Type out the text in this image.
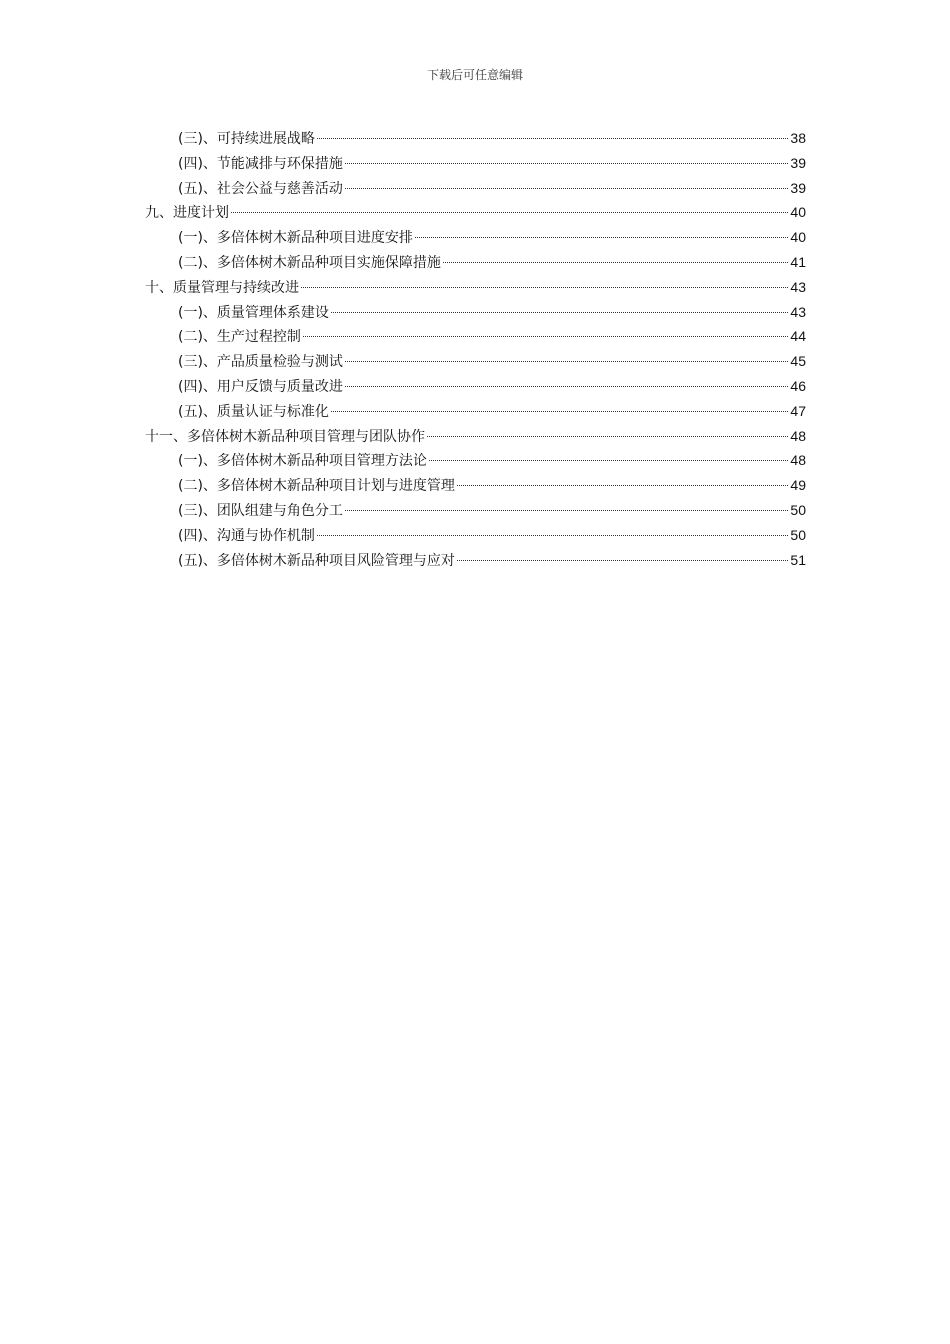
下载后可任意编辑
(三)、可持续进展战略	38
(四)、节能减排与环保措施	39
(五)、社会公益与慈善活动	39
九、进度计划	40
(一)、多倍体树木新品种项目进度安排	40
(二)、多倍体树木新品种项目实施保障措施	41
十、质量管理与持续改进	43
(一)、质量管理体系建设	43
(二)、生产过程控制	44
(三)、产品质量检验与测试	45
(四)、用户反馈与质量改进	46
(五)、质量认证与标准化	47
十一、多倍体树木新品种项目管理与团队协作	48
(一)、多倍体树木新品种项目管理方法论	48
(二)、多倍体树木新品种项目计划与进度管理	49
(三)、团队组建与角色分工	50
(四)、沟通与协作机制	50
(五)、多倍体树木新品种项目风险管理与应对	51
